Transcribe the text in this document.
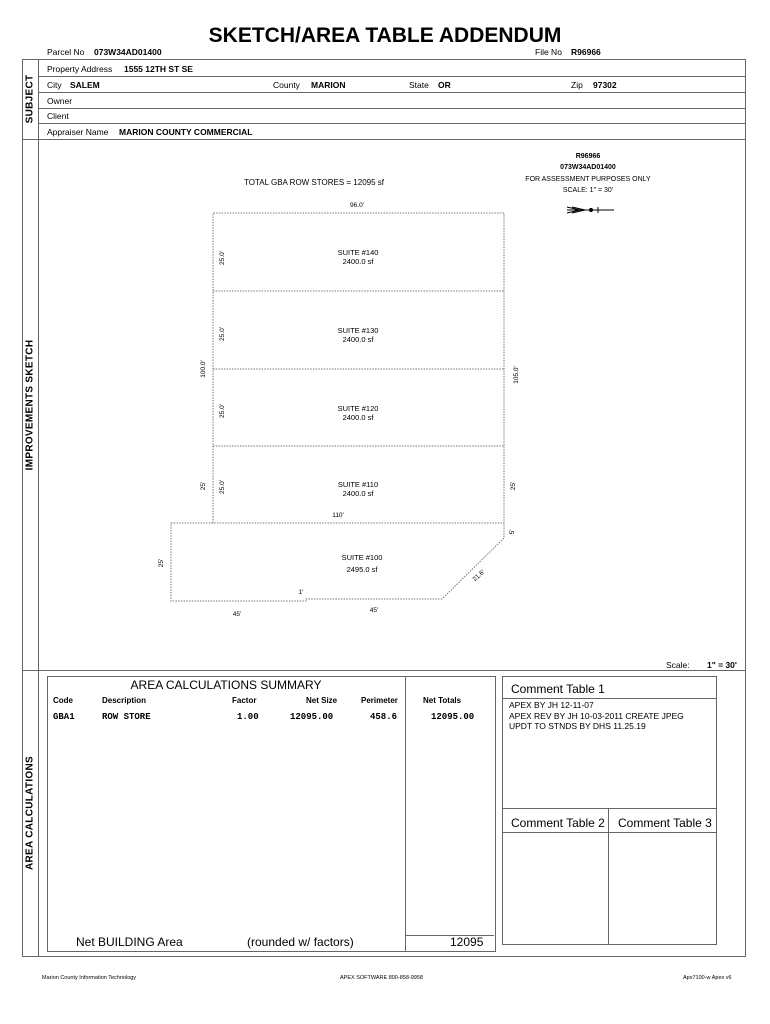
SKETCH/AREA TABLE ADDENDUM
Parcel No 073W34AD01400	File No R96966
SUBJECT
Property Address 1555 12TH ST SE
City SALEM	County MARION	State OR	Zip 97302
Owner
Client
Appraiser Name MARION COUNTY COMMERCIAL
IMPROVEMENTS SKETCH
TOTAL GBA ROW STORES = 12095 sf
R96966
073W34AD01400
FOR ASSESSMENT PURPOSES ONLY
SCALE: 1" = 30'
96.0'
SUITE #140 2400.0 sf
SUITE #130 2400.0 sf
SUITE #120 2400.0 sf
SUITE #110 2400.0 sf
SUITE #100 2495.0 sf
25.0'
25.0'
25.0'
25.0'
100.0'	105.0'
25'	25'
5'
25'
110'
21.6'
1'
45'
45'
Scale: 1" = 30'
AREA CALCULATIONS
AREA CALCULATIONS SUMMARY
Code	Description	Factor	Net Size	Perimeter	Net Totals
GBA1	ROW STORE	1.00	12095.00	458.6	12095.00
Net BUILDING Area	(rounded w/ factors)	12095
Comment Table 1
APEX BY JH 12-11-07
APEX REV BY JH 10-03-2011 CREATE JPEG
UPDT TO STNDS BY DHS 11.25.19
Comment Table 2 Comment Table 3
Marion County Information Technology	APEX SOFTWARE 800-858-9958	Apx7100-w Apex v6
